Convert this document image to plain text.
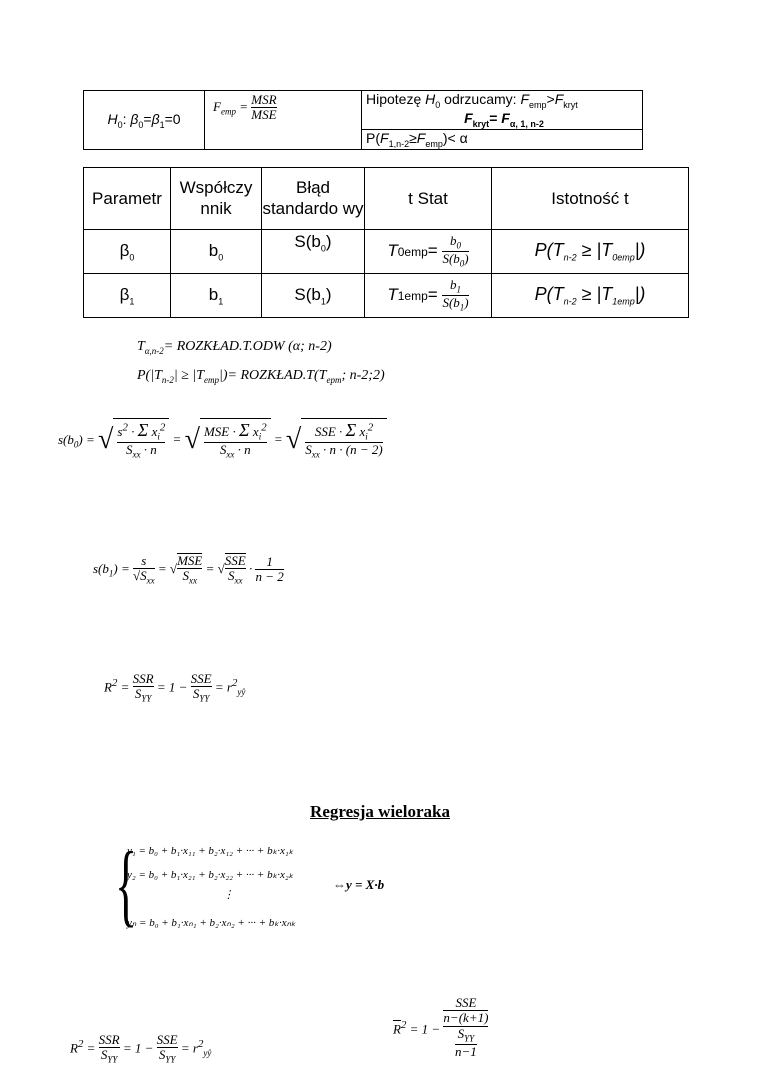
$H_0$: $\beta_0=\beta_1=0$	$F_{emp} = \frac{\text{MSR}}{\text{MSE}}$	Hipotezę $H_0$ odrzucamy: $F_{emp}>F_{kryt}$
$F_{kryt}= F_{\alpha, 1, n-2}$

$P(F_{1,n-2}\ge F_{emp})< \alpha$
Parametr	Współczy nnik	Błąd standardo wy	t Stat	Istotność t
$\beta_0$	$b_0$	$S(b_0)$	$T0emp= \frac{b_0}{S(b_0)}$	$P(T_{n-2} \ge |T_{0emp}|)$
$\beta_1$	$b_1$	$S(b_1)$	$T1emp= \frac{b_1}{S(b_1)}$	$P(T_{n-2} \ge |T_{1emp}|)$
$T_{\alpha,n-2}=$ ROZKŁAD.T.ODW (α; n-2)
$P(|T_{n-2}| \ge |T_{emp}|)=$ $ROZKŁAD.T(T_{epm}$; n-2;2)
$s(b_0)$ = √ $\frac{s^2 \cdot \Sigma x_i^2}{S_{xx} \cdot n}$ = √ $\frac{MSE \cdot \Sigma x_i^2}{S_{xx} \cdot n}$ = √ $\frac{SSE \cdot \Sigma x_i^2}{S_{xx} \cdot n \cdot (n - 2)}$
$s(b_1) = \frac{s}{√S_{xx}}$ = √ $\frac{\text{MSE}}{S_{xx}}$ = √ $\frac{\text{SSE}}{S_{xx}} \cdot \frac{1}{n - 2}$
$R^2 = \frac{\text{SSR}}{S_{YY}} = 1 - \frac{\text{SSE}}{S_{YY}} = r^2_{yŷ}$
Regresja wieloraka
{
y₁ = b₀ + b₁·x₁₁ + b₂·x₁₂ + ··· + bₖ·x₁ₖ
y₂ = b₀ + b₁·x₂₁ + b₂·x₂₂ + ··· + bₖ·x₂ₖ
⋮
yₙ = b₀ + b₁·xₙ₁ + b₂·xₙ₂ + ··· + bₖ·xₙₖ
⇔y = X·b
$R^2 = \frac{\text{SSR}}{S_{YY}} = 1 - \frac{\text{SSE}}{S_{YY}} = r^2_{yŷ}$
$\overline{R}^2 = 1 - \frac{\frac{\text{SSE}}{n-(k+1)}}{\frac{S_{YY}}{n-1}}$
